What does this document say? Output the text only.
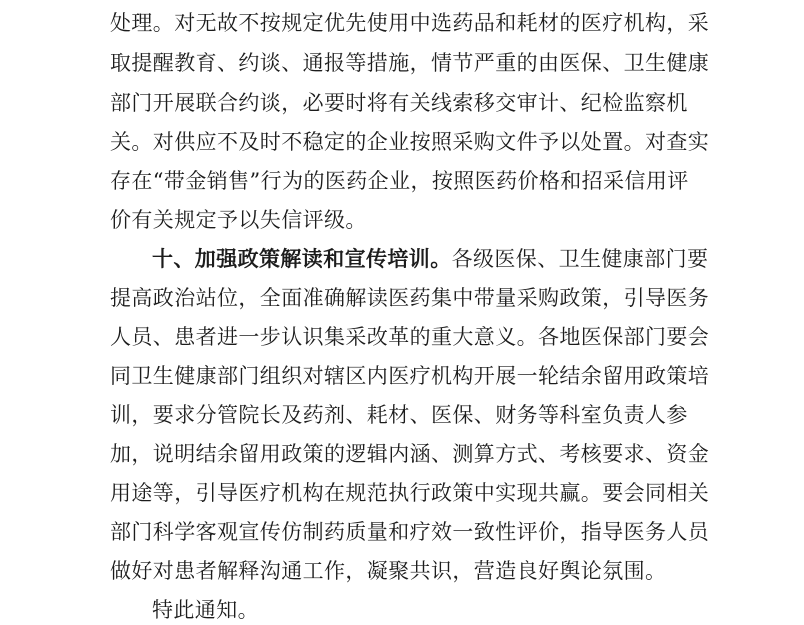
处理。对无故不按规定优先使用中选药品和耗材的医疗机构，采
取提醒教育、约谈、通报等措施，情节严重的由医保、卫生健康
部门开展联合约谈，必要时将有关线索移交审计、纪检监察机
关。对供应不及时不稳定的企业按照采购文件予以处置。对查实
存在“带金销售”行为的医药企业，按照医药价格和招采信用评
价有关规定予以失信评级。
十、加强政策解读和宣传培训。各级医保、卫生健康部门要
提高政治站位，全面准确解读医药集中带量采购政策，引导医务
人员、患者进一步认识集采改革的重大意义。各地医保部门要会
同卫生健康部门组织对辖区内医疗机构开展一轮结余留用政策培
训，要求分管院长及药剂、耗材、医保、财务等科室负责人参
加，说明结余留用政策的逻辑内涵、测算方式、考核要求、资金
用途等，引导医疗机构在规范执行政策中实现共赢。要会同相关
部门科学客观宣传仿制药质量和疗效一致性评价，指导医务人员
做好对患者解释沟通工作，凝聚共识，营造良好舆论氛围。
特此通知。
